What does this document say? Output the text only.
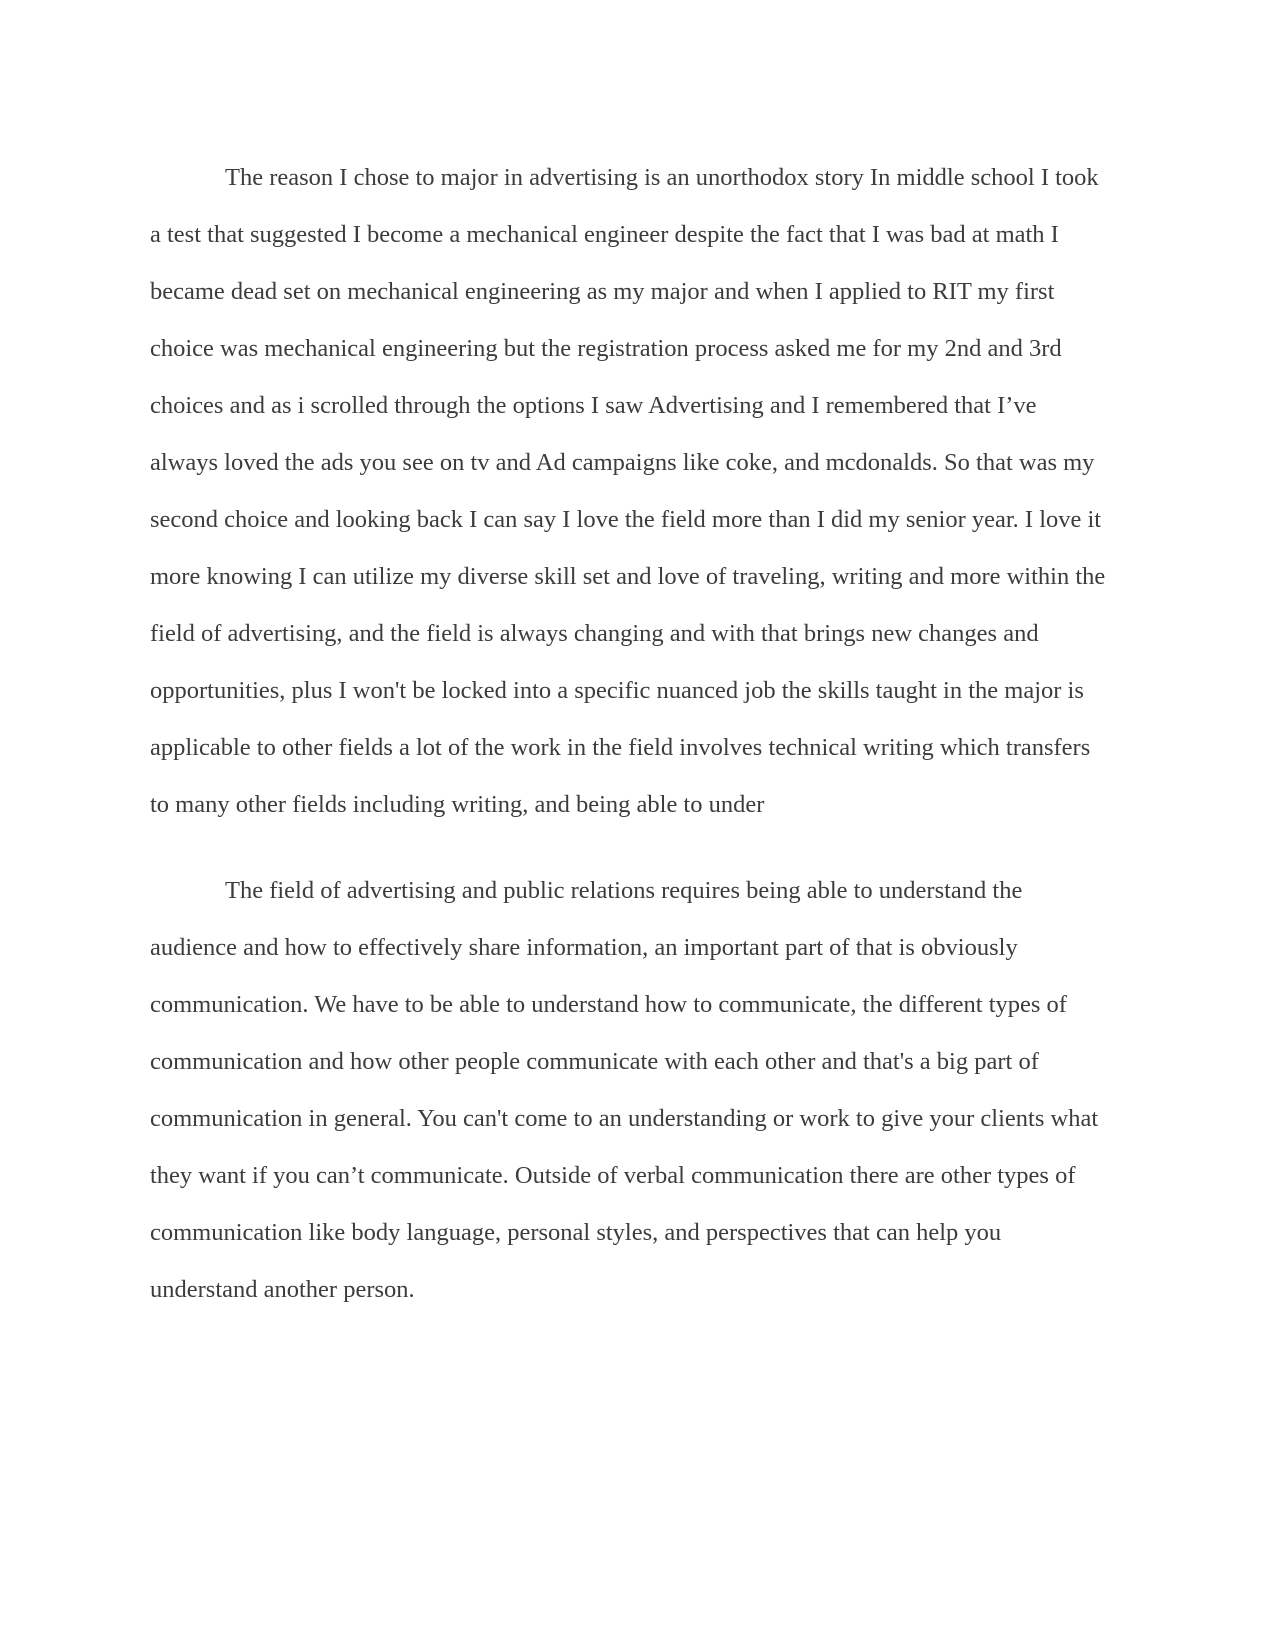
The reason I chose to major in advertising is an unorthodox story In middle school I took
a test that suggested I become a mechanical engineer despite the fact that I was bad at math I
became dead set on mechanical engineering as my major and when I applied to RIT my first
choice was mechanical engineering but the registration process asked me for my 2nd and 3rd
choices and as i scrolled through the options I saw Advertising and I remembered that I’ve
always loved the ads you see on tv and Ad campaigns like coke, and mcdonalds. So that was my
second choice and looking back I can say I love the field more than I did my senior year. I love it
more knowing I can utilize my diverse skill set and love of traveling, writing and more within the
field of advertising, and the field is always changing and with that brings new changes and
opportunities, plus I won't be locked into a specific nuanced job the skills taught in the major is
applicable to other fields a lot of the work in the field involves technical writing which transfers
to many other fields including writing, and being able to under
The field of advertising and public relations requires being able to understand the
audience and how to effectively share information, an important part of that is obviously
communication. We have to be able to understand how to communicate, the different types of
communication and how other people communicate with each other and that's a big part of
communication in general. You can't come to an understanding or work to give your clients what
they want if you can’t communicate. Outside of verbal communication there are other types of
communication like body language, personal styles, and perspectives that can help you
understand another person.
